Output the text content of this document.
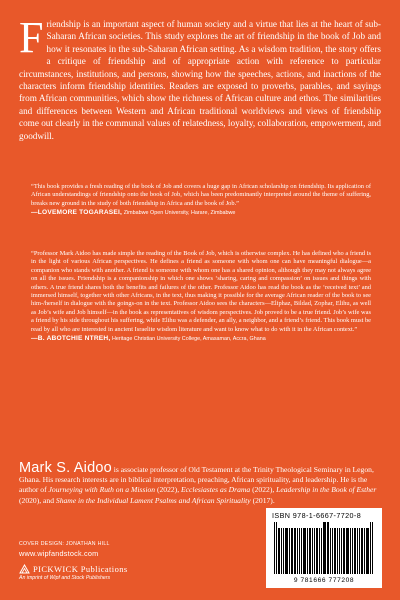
Friendship is an important aspect of human society and a virtue that lies at the heart of sub-Saharan African societies. This study explores the art of friendship in the book of Job and how it resonates in the sub-Saharan African setting. As a wisdom tradition, the story offers a critique of friendship and of appropriate action with reference to particular circumstances, institutions, and persons, showing how the speeches, actions, and inactions of the characters inform friendship identities. Readers are exposed to proverbs, parables, and sayings from African communities, which show the richness of African culture and ethos. The similarities and differences between Western and African traditional worldviews and views of friendship come out clearly in the communal values of relatedness, loyalty, collaboration, empowerment, and goodwill.
“This book provides a fresh reading of the book of Job and covers a huge gap in African scholarship on friendship. Its application of African understandings of friendship onto the book of Job, which has been predominantly interpreted around the theme of suffering, breaks new ground in the study of both friendship in Africa and the book of Job.”
—LOVEMORE TOGARASEI, Zimbabwe Open University, Harare, Zimbabwe
“Professor Mark Aidoo has made simple the reading of the Book of Job, which is otherwise complex. He has defined who a friend is in the light of various African perspectives. He defines a friend as someone with whom one can have meaningful dialogue—a companion who stands with another. A friend is someone with whom one has a shared opinion, although they may not always agree on all the issues. Friendship is a companionship in which one shows ‘sharing, caring and compassion’ on issues and things with others. A true friend shares both the benefits and failures of the other. Professor Aidoo has read the book as the ‘received text’ and immersed himself, together with other Africans, in the text, thus making it possible for the average African reader of the book to see him-/herself in dialogue with the goings-on in the text. Professor Aidoo sees the characters—Eliphaz, Bildad, Zophar, Elihu, as well as Job’s wife and Job himself—in the book as representatives of wisdom perspectives. Job proved to be a true friend. Job’s wife was a friend by his side throughout his suffering, while Elihu was a defender, an ally, a neighbor, and a friend’s friend. This book must be read by all who are interested in ancient Israelite wisdom literature and want to know what to do with it in the African context.”
—B. ABOTCHIE NTREH, Heritage Christian University College, Amasaman, Accra, Ghana
Mark S. Aidoo is associate professor of Old Testament at the Trinity Theological Seminary in Legon, Ghana. His research interests are in biblical interpretation, preaching, African spirituality, and leadership. He is the author of Journeying with Ruth on a Mission (2022), Ecclesiastes as Drama (2022), Leadership in the Book of Esther (2020), and Shame in the Individual Lament Psalms and African Spirituality (2017).
COVER DESIGN: JONATHAN HILL
www.wipfandstock.com
PICKWICK Publications
An imprint of Wipf and Stock Publishers
ISBN 978-1-6667-7720-8
9 781666 777208
